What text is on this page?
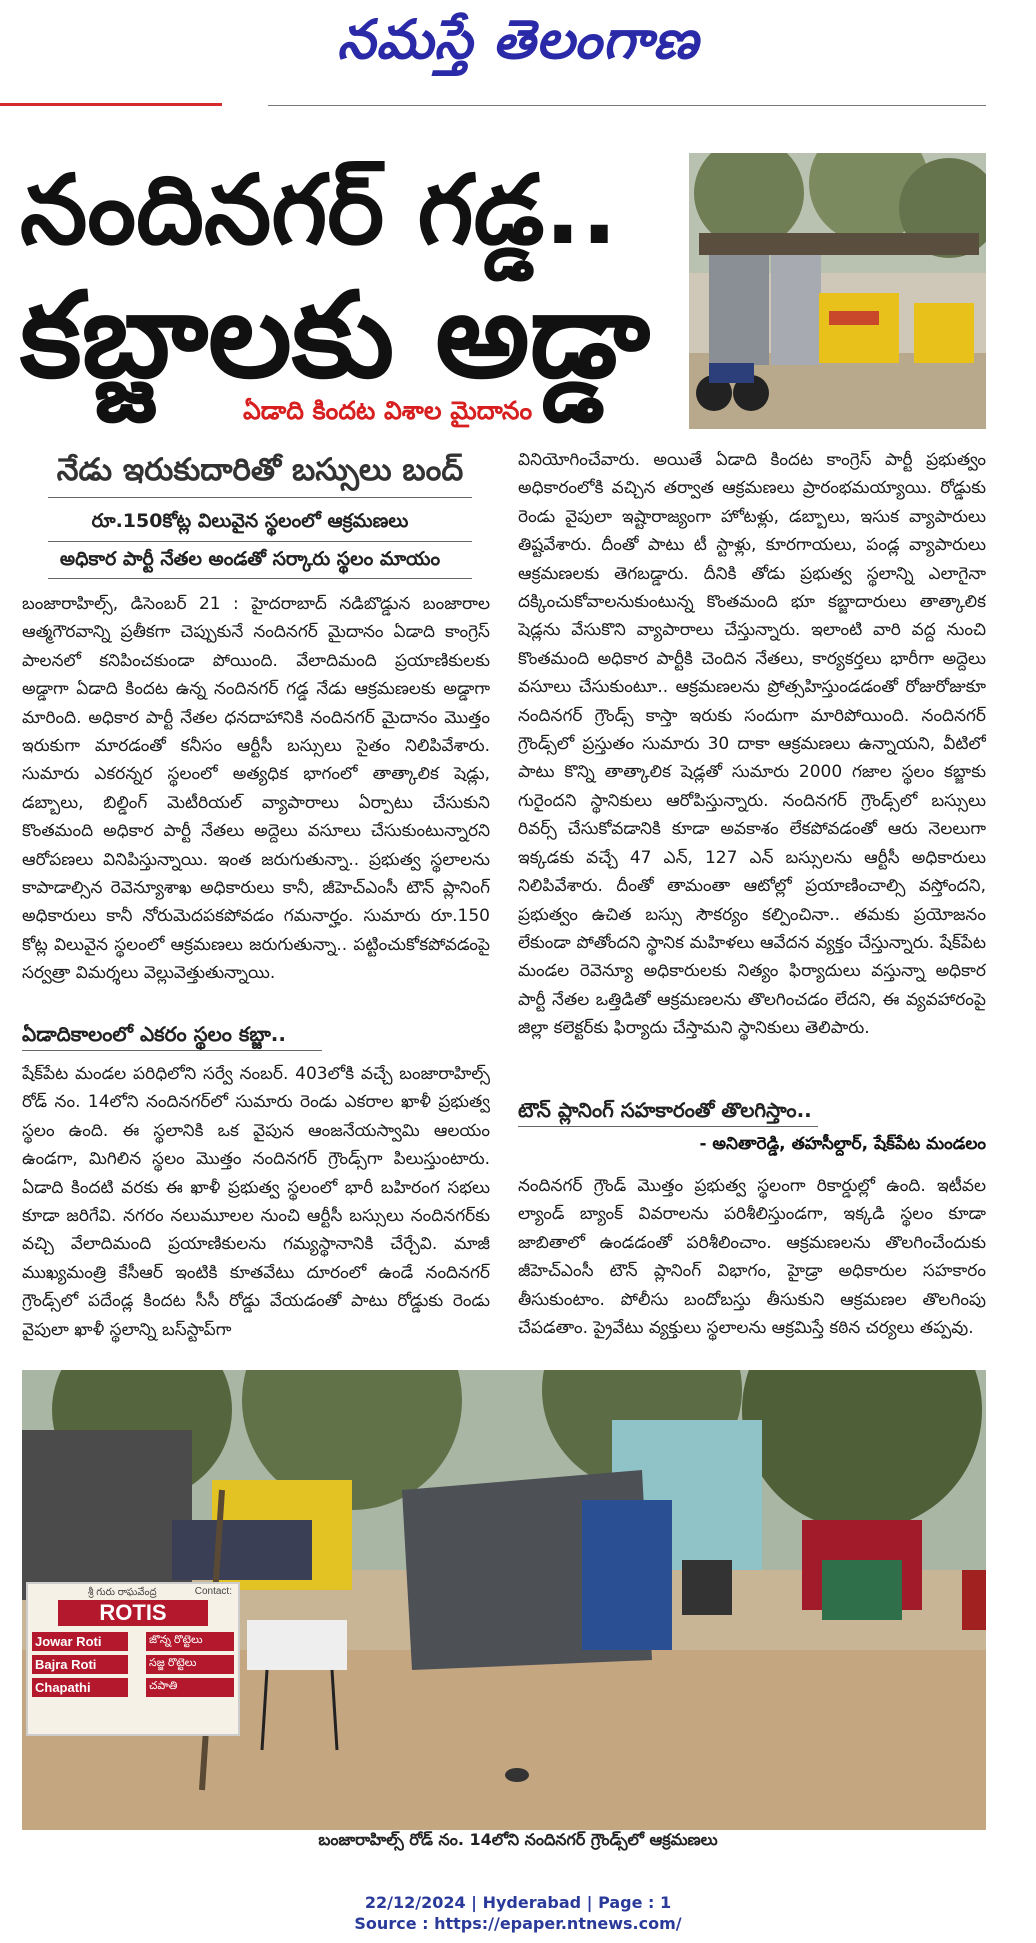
నమస్తే తెలంగాణ
నందినగర్ గడ్డ..
కబ్జాలకు అడ్డా
ఏడాది కిందట విశాల మైదానం
నేడు ఇరుకుదారితో బస్సులు బంద్
రూ.150కోట్ల విలువైన స్థలంలో ఆక్రమణలు
అధికార పార్టీ నేతల అండతో సర్కారు స్థలం మాయం
బంజారాహిల్స్, డిసెంబర్ 21 : హైదరాబాద్ నడిబొడ్డున బంజారాల ఆత్మగౌరవాన్ని ప్రతీకగా చెప్పుకునే నందినగర్ మైదానం ఏడాది కాంగ్రెస్ పాలనలో కనిపించకుండా పోయింది. వేలాదిమంది ప్రయాణికులకు అడ్డాగా ఏడాది కిందట ఉన్న నందినగర్ గడ్డ నేడు ఆక్రమణలకు అడ్డాగా మారింది. అధికార పార్టీ నేతల ధనదాహానికి నందినగర్ మైదానం మొత్తం ఇరుకుగా మారడంతో కనీసం ఆర్టీసీ బస్సులు సైతం నిలిపివేశారు. సుమారు ఎకరన్నర స్థలంలో అత్యధిక భాగంలో తాత్కాలిక షెడ్లు, డబ్బాలు, బిల్డింగ్ మెటీరియల్ వ్యాపారాలు ఏర్పాటు చేసుకుని కొంతమంది అధికార పార్టీ నేతలు అద్దెలు వసూలు చేసుకుంటున్నారని ఆరోపణలు వినిపిస్తున్నాయి. ఇంత జరుగుతున్నా.. ప్రభుత్వ స్థలాలను కాపాడాల్సిన రెవెన్యూశాఖ అధికారులు కానీ, జీహెచ్ఎంసీ టౌన్ ప్లానింగ్ అధికారులు కానీ నోరుమెదపకపోవడం గమనార్హం. సుమారు రూ.150 కోట్ల విలువైన స్థలంలో ఆక్రమణలు జరుగుతున్నా.. పట్టించుకోకపోవడంపై సర్వత్రా విమర్శలు వెల్లువెత్తుతున్నాయి.
ఏడాదికాలంలో ఎకరం స్థలం కబ్జా..
షేక్‌పేట మండల పరిధిలోని సర్వే నంబర్. 403లోకి వచ్చే బంజారాహిల్స్ రోడ్ నం. 14లోని నందినగర్‌లో సుమారు రెండు ఎకరాల ఖాళీ ప్రభుత్వ స్థలం ఉంది. ఈ స్థలానికి ఒక వైపున ఆంజనేయస్వామి ఆలయం ఉండగా, మిగిలిన స్థలం మొత్తం నందినగర్ గ్రౌండ్స్‌గా పిలుస్తుంటారు. ఏడాది కిందటి వరకు ఈ ఖాళీ ప్రభుత్వ స్థలంలో భారీ బహిరంగ సభలు కూడా జరిగేవి. నగరం నలుమూలల నుంచి ఆర్టీసీ బస్సులు నందినగర్‌కు వచ్చి వేలాదిమంది ప్రయాణికులను గమ్యస్థానానికి చేర్చేవి. మాజీ ముఖ్యమంత్రి కేసీఆర్ ఇంటికి కూతవేటు దూరంలో ఉండే నందినగర్ గ్రౌండ్స్‌లో పదేండ్ల కిందట సీసీ రోడ్డు వేయడంతో పాటు రోడ్డుకు రెండు వైపులా ఖాళీ స్థలాన్ని బస్‌స్టాప్‌గా
వినియోగించేవారు. అయితే ఏడాది కిందట కాంగ్రెస్ పార్టీ ప్రభుత్వం అధికారంలోకి వచ్చిన తర్వాత ఆక్రమణలు ప్రారంభమయ్యాయి. రోడ్డుకు రెండు వైపులా ఇష్టారాజ్యంగా హోటళ్లు, డబ్బాలు, ఇసుక వ్యాపారులు తిష్టవేశారు. దీంతో పాటు టీ స్టాళ్లు, కూరగాయలు, పండ్ల వ్యాపారులు ఆక్రమణలకు తెగబడ్డారు. దీనికి తోడు ప్రభుత్వ స్థలాన్ని ఎలాగైనా దక్కించుకోవాలనుకుంటున్న కొంతమంది భూ కబ్జాదారులు తాత్కాలిక షెడ్లను వేసుకొని వ్యాపారాలు చేస్తున్నారు. ఇలాంటి వారి వద్ద నుంచి కొంతమంది అధికార పార్టీకి చెందిన నేతలు, కార్యకర్తలు భారీగా అద్దెలు వసూలు చేసుకుంటూ.. ఆక్రమణలను ప్రోత్సహిస్తుండడంతో రోజురోజుకూ నందినగర్ గ్రౌండ్స్ కాస్తా ఇరుకు సందుగా మారిపోయింది. నందినగర్ గ్రౌండ్స్‌లో ప్రస్తుతం సుమారు 30 దాకా ఆక్రమణలు ఉన్నాయని, వీటిలో పాటు కొన్ని తాత్కాలిక షెడ్లతో సుమారు 2000 గజాల స్థలం కబ్జాకు గురైందని స్థానికులు ఆరోపిస్తున్నారు. నందినగర్ గ్రౌండ్స్‌లో బస్సులు రివర్స్ చేసుకోవడానికి కూడా అవకాశం లేకపోవడంతో ఆరు నెలలుగా ఇక్కడకు వచ్చే 47 ఎన్, 127 ఎన్ బస్సులను ఆర్టీసీ అధికారులు నిలిపివేశారు. దీంతో తామంతా ఆటోల్లో ప్రయాణించాల్సి వస్తోందని, ప్రభుత్వం ఉచిత బస్సు సౌకర్యం కల్పించినా.. తమకు ప్రయోజనం లేకుండా పోతోందని స్థానిక మహిళలు ఆవేదన వ్యక్తం చేస్తున్నారు. షేక్‌పేట మండల రెవెన్యూ అధికారులకు నిత్యం ఫిర్యాదులు వస్తున్నా అధికార పార్టీ నేతల ఒత్తిడితో ఆక్రమణలను తొలగించడం లేదని, ఈ వ్యవహారంపై జిల్లా కలెక్టర్‌కు ఫిర్యాదు చేస్తామని స్థానికులు తెలిపారు.
టౌన్ ప్లానింగ్ సహకారంతో తొలగిస్తాం..
- అనితారెడ్డి, తహసీల్దార్, షేక్‌పేట మండలం
నందినగర్ గ్రౌండ్ మొత్తం ప్రభుత్వ స్థలంగా రికార్డుల్లో ఉంది. ఇటీవల ల్యాండ్ బ్యాంక్ వివరాలను పరిశీలిస్తుండగా, ఇక్కడి స్థలం కూడా జాబితాలో ఉండడంతో పరిశీలించాం. ఆక్రమణలను తొలగించేందుకు జీహెచ్ఎంసీ టౌన్ ప్లానింగ్ విభాగం, హైడ్రా అధికారుల సహకారం తీసుకుంటాం. పోలీసు బందోబస్తు తీసుకుని ఆక్రమణల తొలగింపు చేపడతాం. ప్రైవేటు వ్యక్తులు స్థలాలను ఆక్రమిస్తే కఠిన చర్యలు తప్పవు.
శ్రీ గురు రాఘవేంద్ర	Contact:
ROTIS
Jowar Roti
Bajra Roti
Chapathi
జొన్న రొట్టెలు
సజ్జ రొట్టెలు
చపాతి
బంజారాహిల్స్ రోడ్ నం. 14లోని నందినగర్ గ్రౌండ్స్‌లో ఆక్రమణలు
22/12/2024 | Hyderabad | Page : 1
Source : https://epaper.ntnews.com/
